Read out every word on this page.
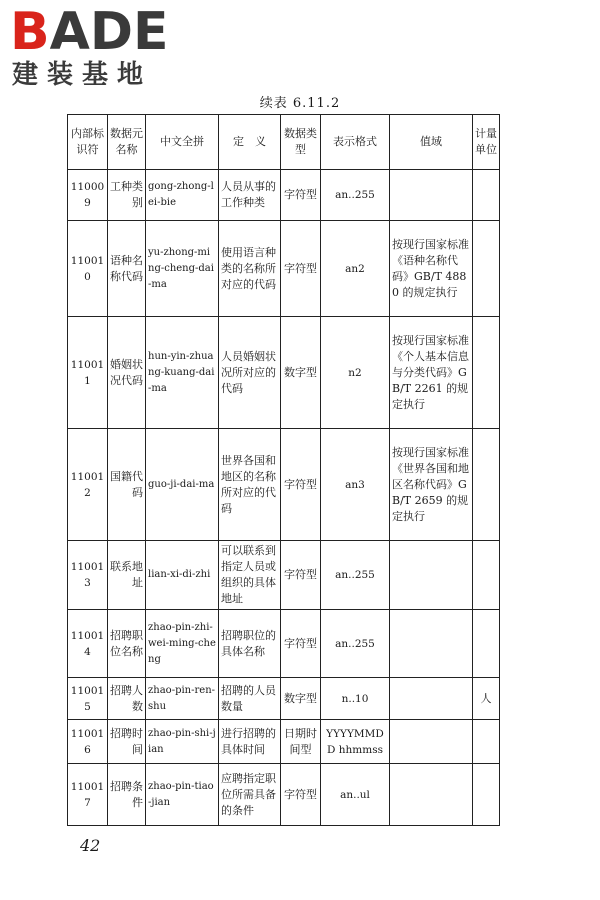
BADE
建装基地
续表 6.11.2
内部标识符	数据元名称	中文全拼	定　义	数据类型	表示格式	值域	计量单位
110009	工种类别	gong-zhong-lei-bie	人员从事的工作种类	字符型	an..255		
110010	语种名称代码	yu-zhong-ming-cheng-dai-ma	使用语言种类的名称所对应的代码	字符型	an2	按现行国家标准《语种名称代码》GB/T 4880 的规定执行	
110011	婚姻状况代码	hun-yin-zhuang-kuang-dai-ma	人员婚姻状况所对应的代码	数字型	n2	按现行国家标准《个人基本信息与分类代码》GB/T 2261 的规定执行	
110012	国籍代码	guo-ji-dai-ma	世界各国和地区的名称所对应的代码	字符型	an3	按现行国家标准《世界各国和地区名称代码》GB/T 2659 的规定执行	
110013	联系地址	lian-xi-di-zhi	可以联系到指定人员或组织的具体地址	字符型	an..255		
110014	招聘职位名称	zhao-pin-zhi-wei-ming-cheng	招聘职位的具体名称	字符型	an..255		
110015	招聘人数	zhao-pin-ren-shu	招聘的人员数量	数字型	n..10		人
110016	招聘时间	zhao-pin-shi-jian	进行招聘的具体时间	日期时间型	YYYYMMDD hhmmss		
110017	招聘条件	zhao-pin-tiao-jian	应聘指定职位所需具备的条件	字符型	an..ul		
42
